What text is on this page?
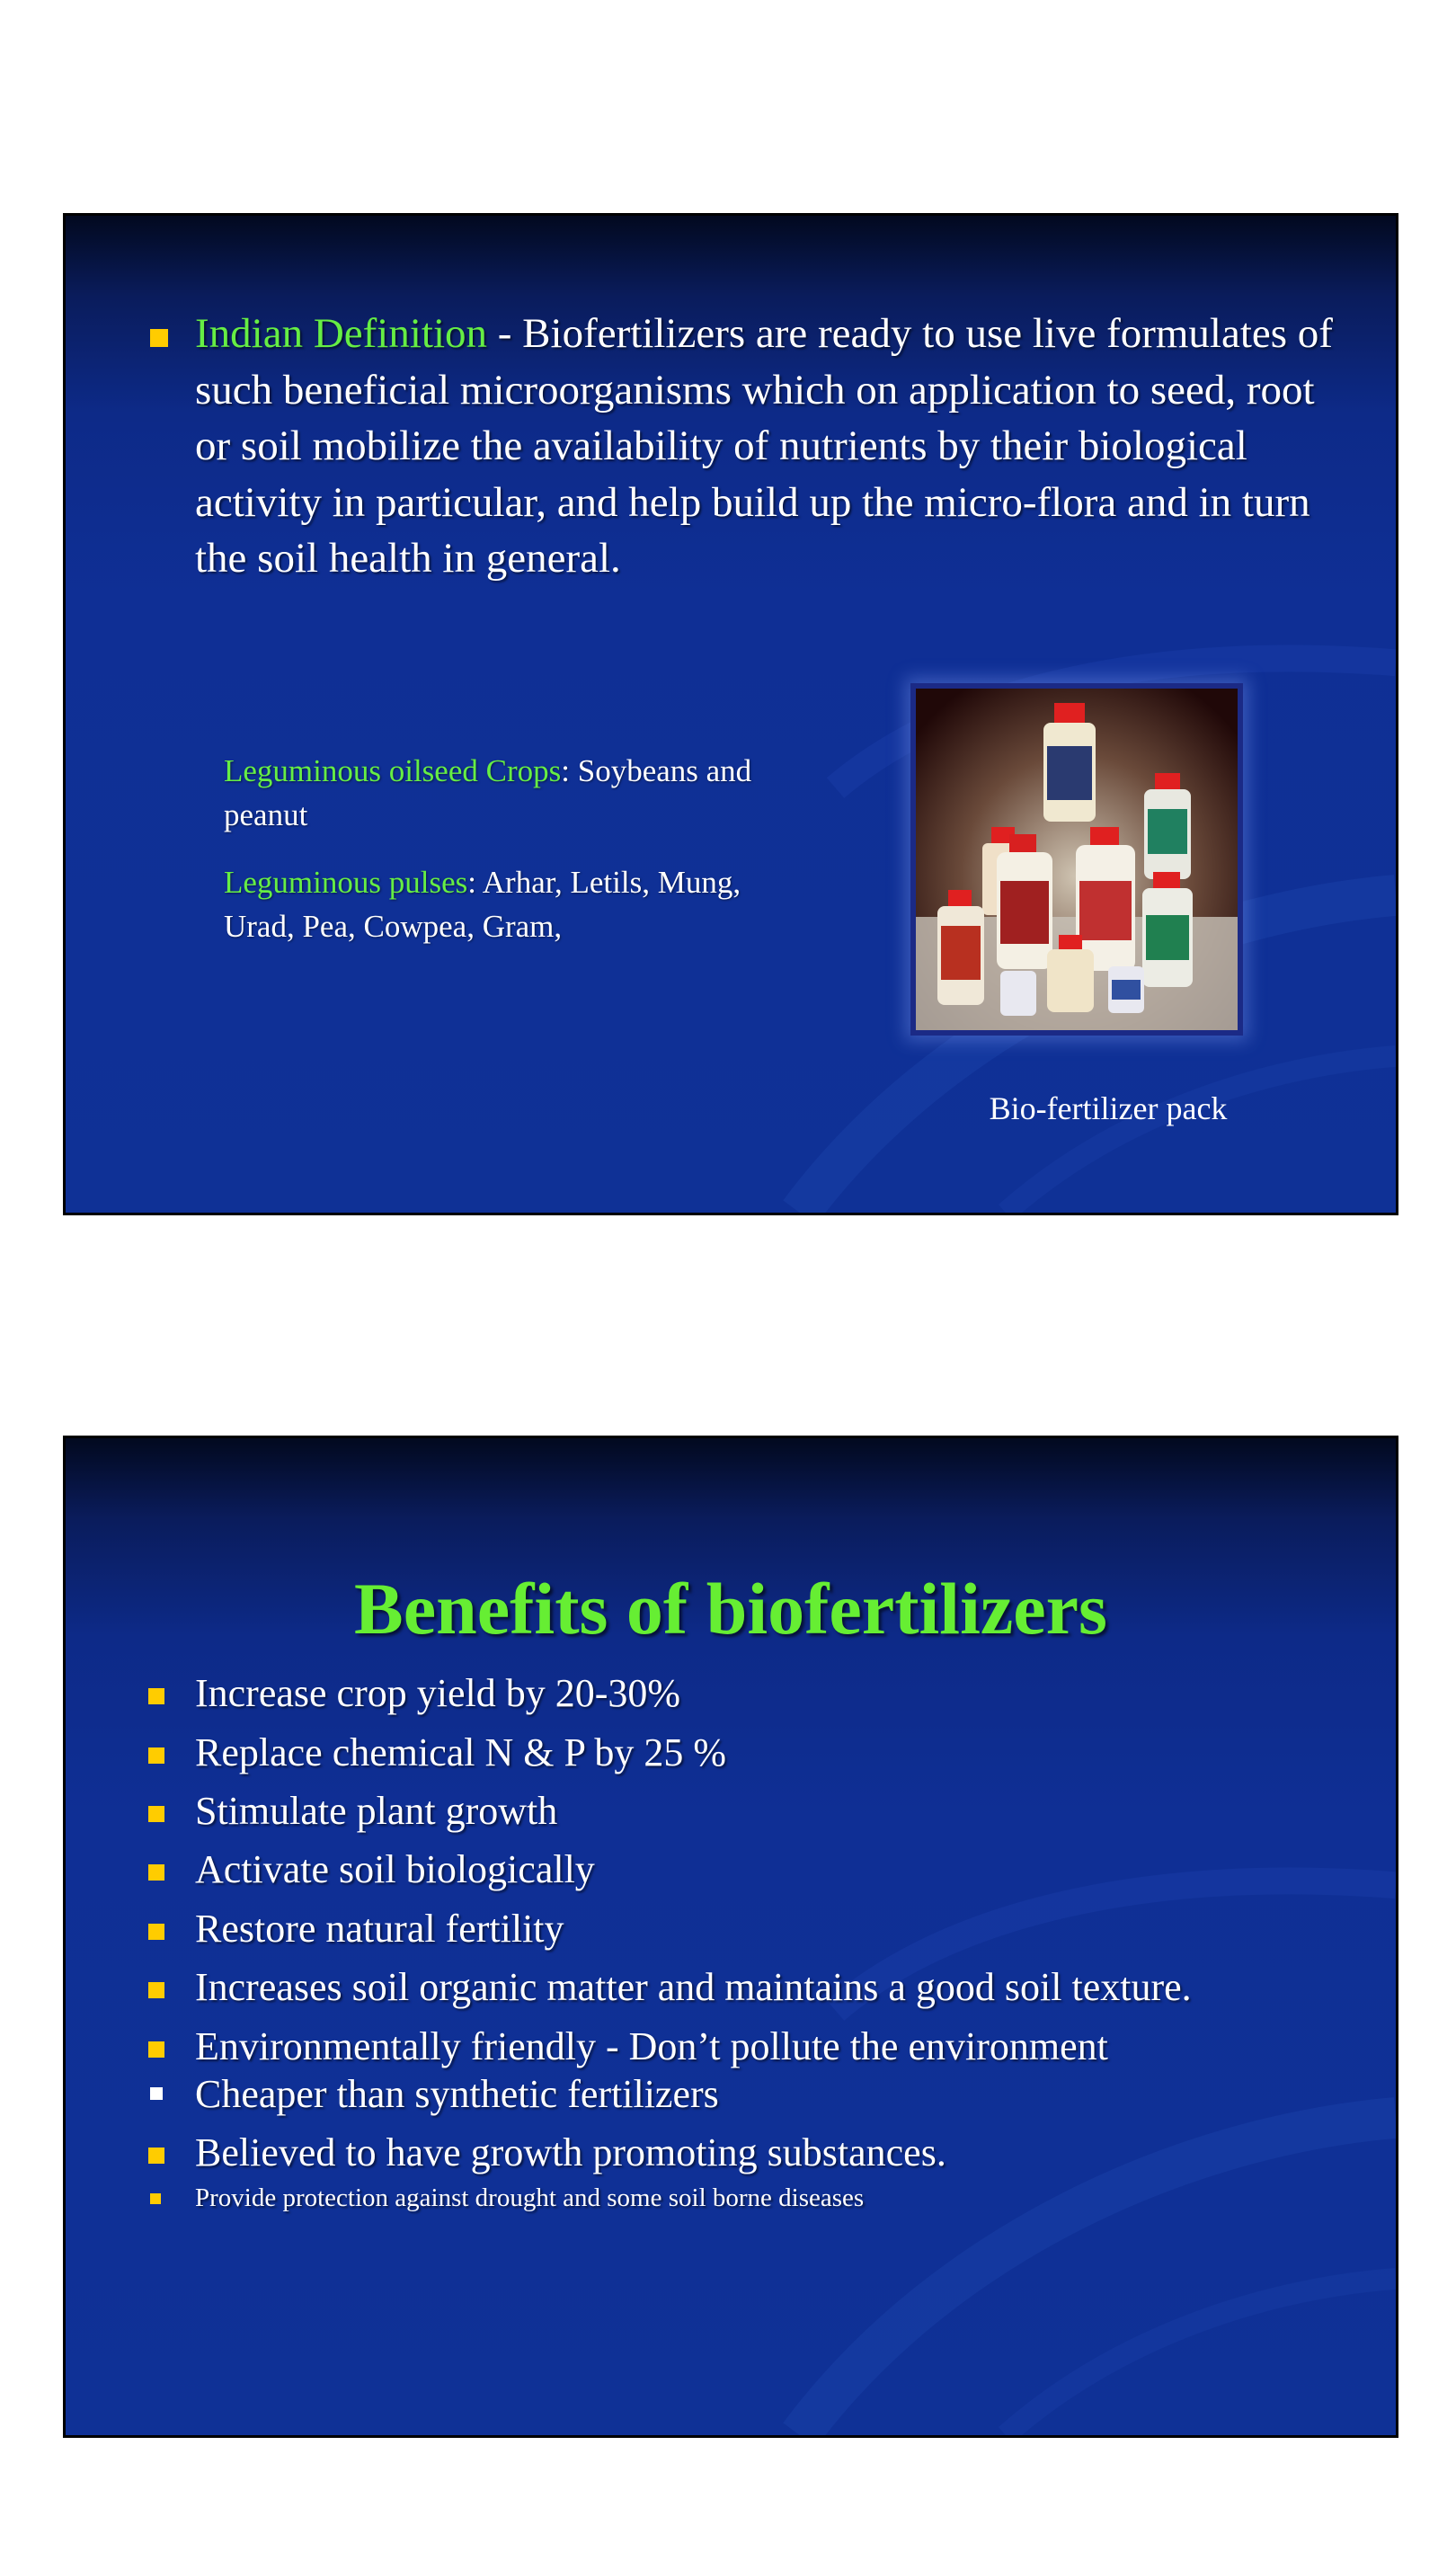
Indian Definition - Biofertilizers are ready to use live formulates of such beneficial microorganisms which on application to seed, root or soil mobilize the availability of nutrients by their biological activity in particular, and help build up the micro-flora and in turn the soil health in general.
Leguminous oilseed Crops: Soybeans and peanut
Leguminous pulses: Arhar, Letils, Mung, Urad, Pea, Cowpea, Gram,
Bio-fertilizer pack
Benefits of biofertilizers
Increase crop yield by 20-30%
Replace chemical N & P by 25 %
Stimulate plant growth
Activate soil biologically
Restore natural fertility
Increases soil organic matter and maintains a good soil texture.
Environmentally friendly - Don’t pollute the environment
Cheaper than synthetic fertilizers
Believed to have growth promoting substances.
Provide protection against drought and some soil borne diseases
